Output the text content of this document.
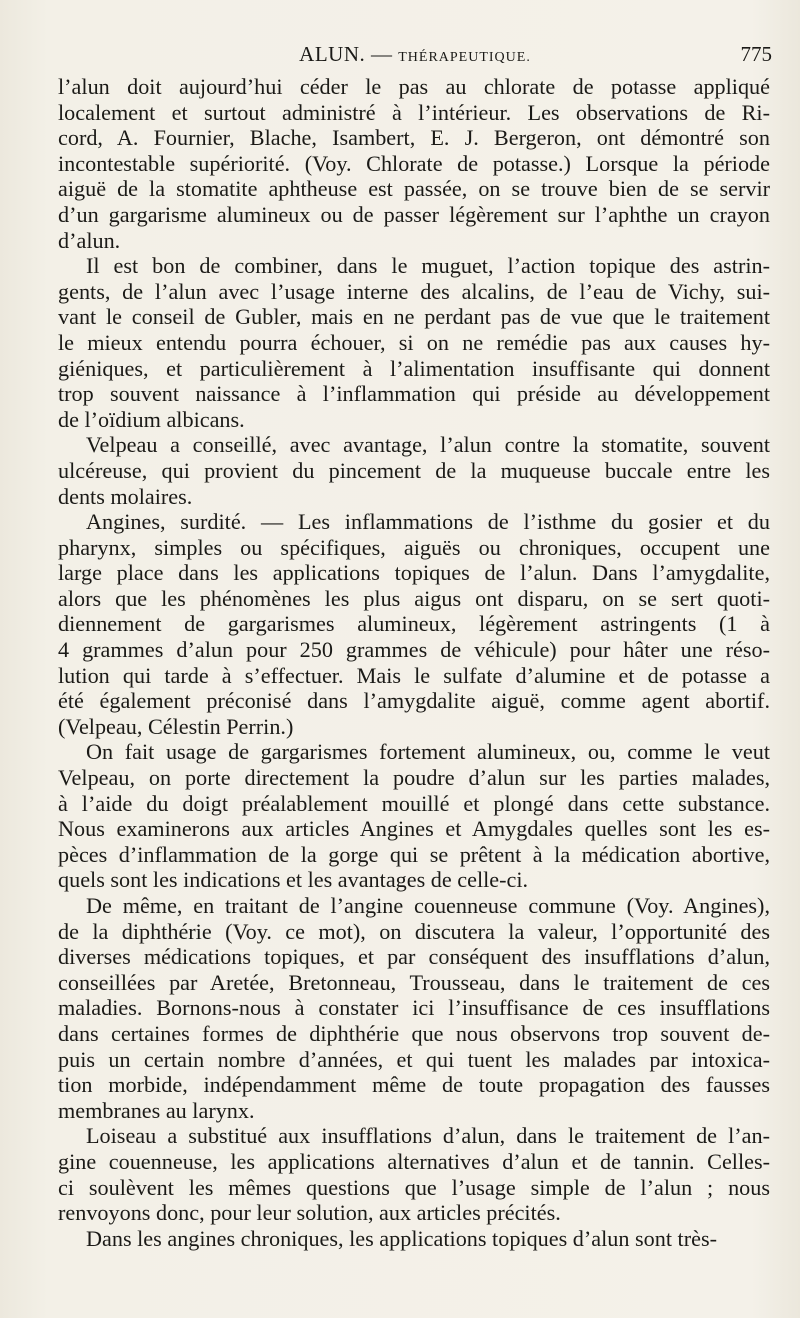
ALUN. — THÉRAPEUTIQUE.	775
l’alun doit aujourd’hui céder le pas au chlorate de potasse appliqué
localement et surtout administré à l’intérieur. Les observations de Ri-
cord, A. Fournier, Blache, Isambert, E. J. Bergeron, ont démontré son
incontestable supériorité. (Voy. Chlorate de potasse.) Lorsque la période
aiguë de la stomatite aphtheuse est passée, on se trouve bien de se servir
d’un gargarisme alumineux ou de passer légèrement sur l’aphthe un crayon
d’alun.
Il est bon de combiner, dans le muguet, l’action topique des astrin-
gents, de l’alun avec l’usage interne des alcalins, de l’eau de Vichy, sui-
vant le conseil de Gubler, mais en ne perdant pas de vue que le traitement
le mieux entendu pourra échouer, si on ne remédie pas aux causes hy-
giéniques, et particulièrement à l’alimentation insuffisante qui donnent
trop souvent naissance à l’inflammation qui préside au développement
de l’oïdium albicans.
Velpeau a conseillé, avec avantage, l’alun contre la stomatite, souvent
ulcéreuse, qui provient du pincement de la muqueuse buccale entre les
dents molaires.
Angines, surdité. — Les inflammations de l’isthme du gosier et du
pharynx, simples ou spécifiques, aiguës ou chroniques, occupent une
large place dans les applications topiques de l’alun. Dans l’amygdalite,
alors que les phénomènes les plus aigus ont disparu, on se sert quoti-
diennement de gargarismes alumineux, légèrement astringents (1 à
4 grammes d’alun pour 250 grammes de véhicule) pour hâter une réso-
lution qui tarde à s’effectuer. Mais le sulfate d’alumine et de potasse a
été également préconisé dans l’amygdalite aiguë, comme agent abortif.
(Velpeau, Célestin Perrin.)
On fait usage de gargarismes fortement alumineux, ou, comme le veut
Velpeau, on porte directement la poudre d’alun sur les parties malades,
à l’aide du doigt préalablement mouillé et plongé dans cette substance.
Nous examinerons aux articles Angines et Amygdales quelles sont les es-
pèces d’inflammation de la gorge qui se prêtent à la médication abortive,
quels sont les indications et les avantages de celle-ci.
De même, en traitant de l’angine couenneuse commune (Voy. Angines),
de la diphthérie (Voy. ce mot), on discutera la valeur, l’opportunité des
diverses médications topiques, et par conséquent des insufflations d’alun,
conseillées par Aretée, Bretonneau, Trousseau, dans le traitement de ces
maladies. Bornons-nous à constater ici l’insuffisance de ces insufflations
dans certaines formes de diphthérie que nous observons trop souvent de-
puis un certain nombre d’années, et qui tuent les malades par intoxica-
tion morbide, indépendamment même de toute propagation des fausses
membranes au larynx.
Loiseau a substitué aux insufflations d’alun, dans le traitement de l’an-
gine couenneuse, les applications alternatives d’alun et de tannin. Celles-
ci soulèvent les mêmes questions que l’usage simple de l’alun ; nous
renvoyons donc, pour leur solution, aux articles précités.
Dans les angines chroniques, les applications topiques d’alun sont très-
